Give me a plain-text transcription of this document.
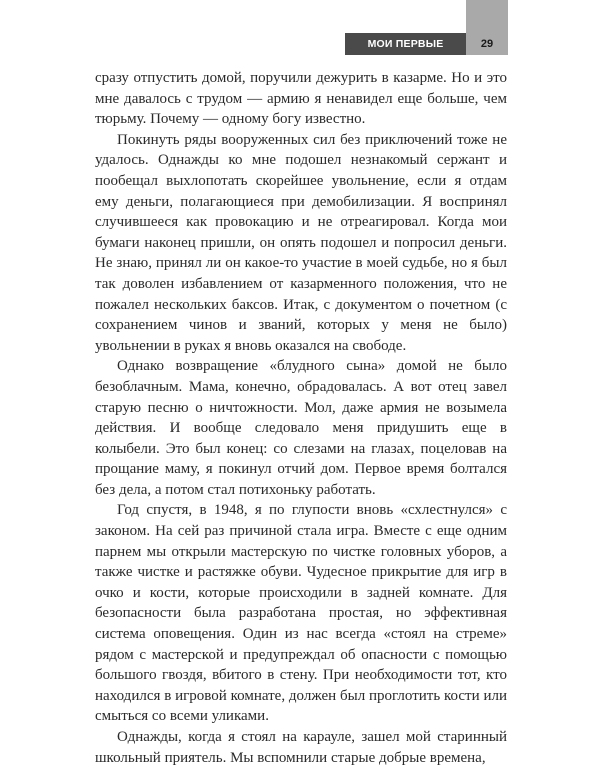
МОИ ПЕРВЫЕ ПРОДАЖИ
29

сразу отпустить домой, поручили дежурить в казарме. Но и это мне давалось с трудом — армию я ненавидел еще больше, чем тюрьму. Почему — одному богу известно.

Покинуть ряды вооруженных сил без приключений тоже не удалось. Однажды ко мне подошел незнакомый сержант и пообещал выхлопотать скорейшее увольнение, если я отдам ему деньги, полагающиеся при демобилизации. Я воспринял случившееся как провокацию и не отреагировал. Когда мои бумаги наконец пришли, он опять подошел и попросил деньги. Не знаю, принял ли он какое-то участие в моей судьбе, но я был так доволен избавлением от казарменного положения, что не пожалел нескольких баксов. Итак, с документом о почетном (с сохранением чинов и званий, которых у меня не было) увольнении в руках я вновь оказался на свободе.

Однако возвращение «блудного сына» домой не было безоблачным. Мама, конечно, обрадовалась. А вот отец завел старую песню о ничтожности. Мол, даже армия не возымела действия. И вообще следовало меня придушить еще в колыбели. Это был конец: со слезами на глазах, поцеловав на прощание маму, я покинул отчий дом. Первое время болтался без дела, а потом стал потихоньку работать.

Год спустя, в 1948, я по глупости вновь «схлестнулся» с законом. На сей раз причиной стала игра. Вместе с еще одним парнем мы открыли мастерскую по чистке головных уборов, а также чистке и растяжке обуви. Чудесное прикрытие для игр в очко и кости, которые происходили в задней комнате. Для безопасности была разработана простая, но эффективная система оповещения. Один из нас всегда «стоял на стреме» рядом с мастерской и предупреждал об опасности с помощью большого гвоздя, вбитого в стену. При необходимости тот, кто находился в игровой комнате, должен был проглотить кости или смыться со всеми уликами.

Однажды, когда я стоял на карауле, зашел мой старинный школьный приятель. Мы вспомнили старые добрые времена,
